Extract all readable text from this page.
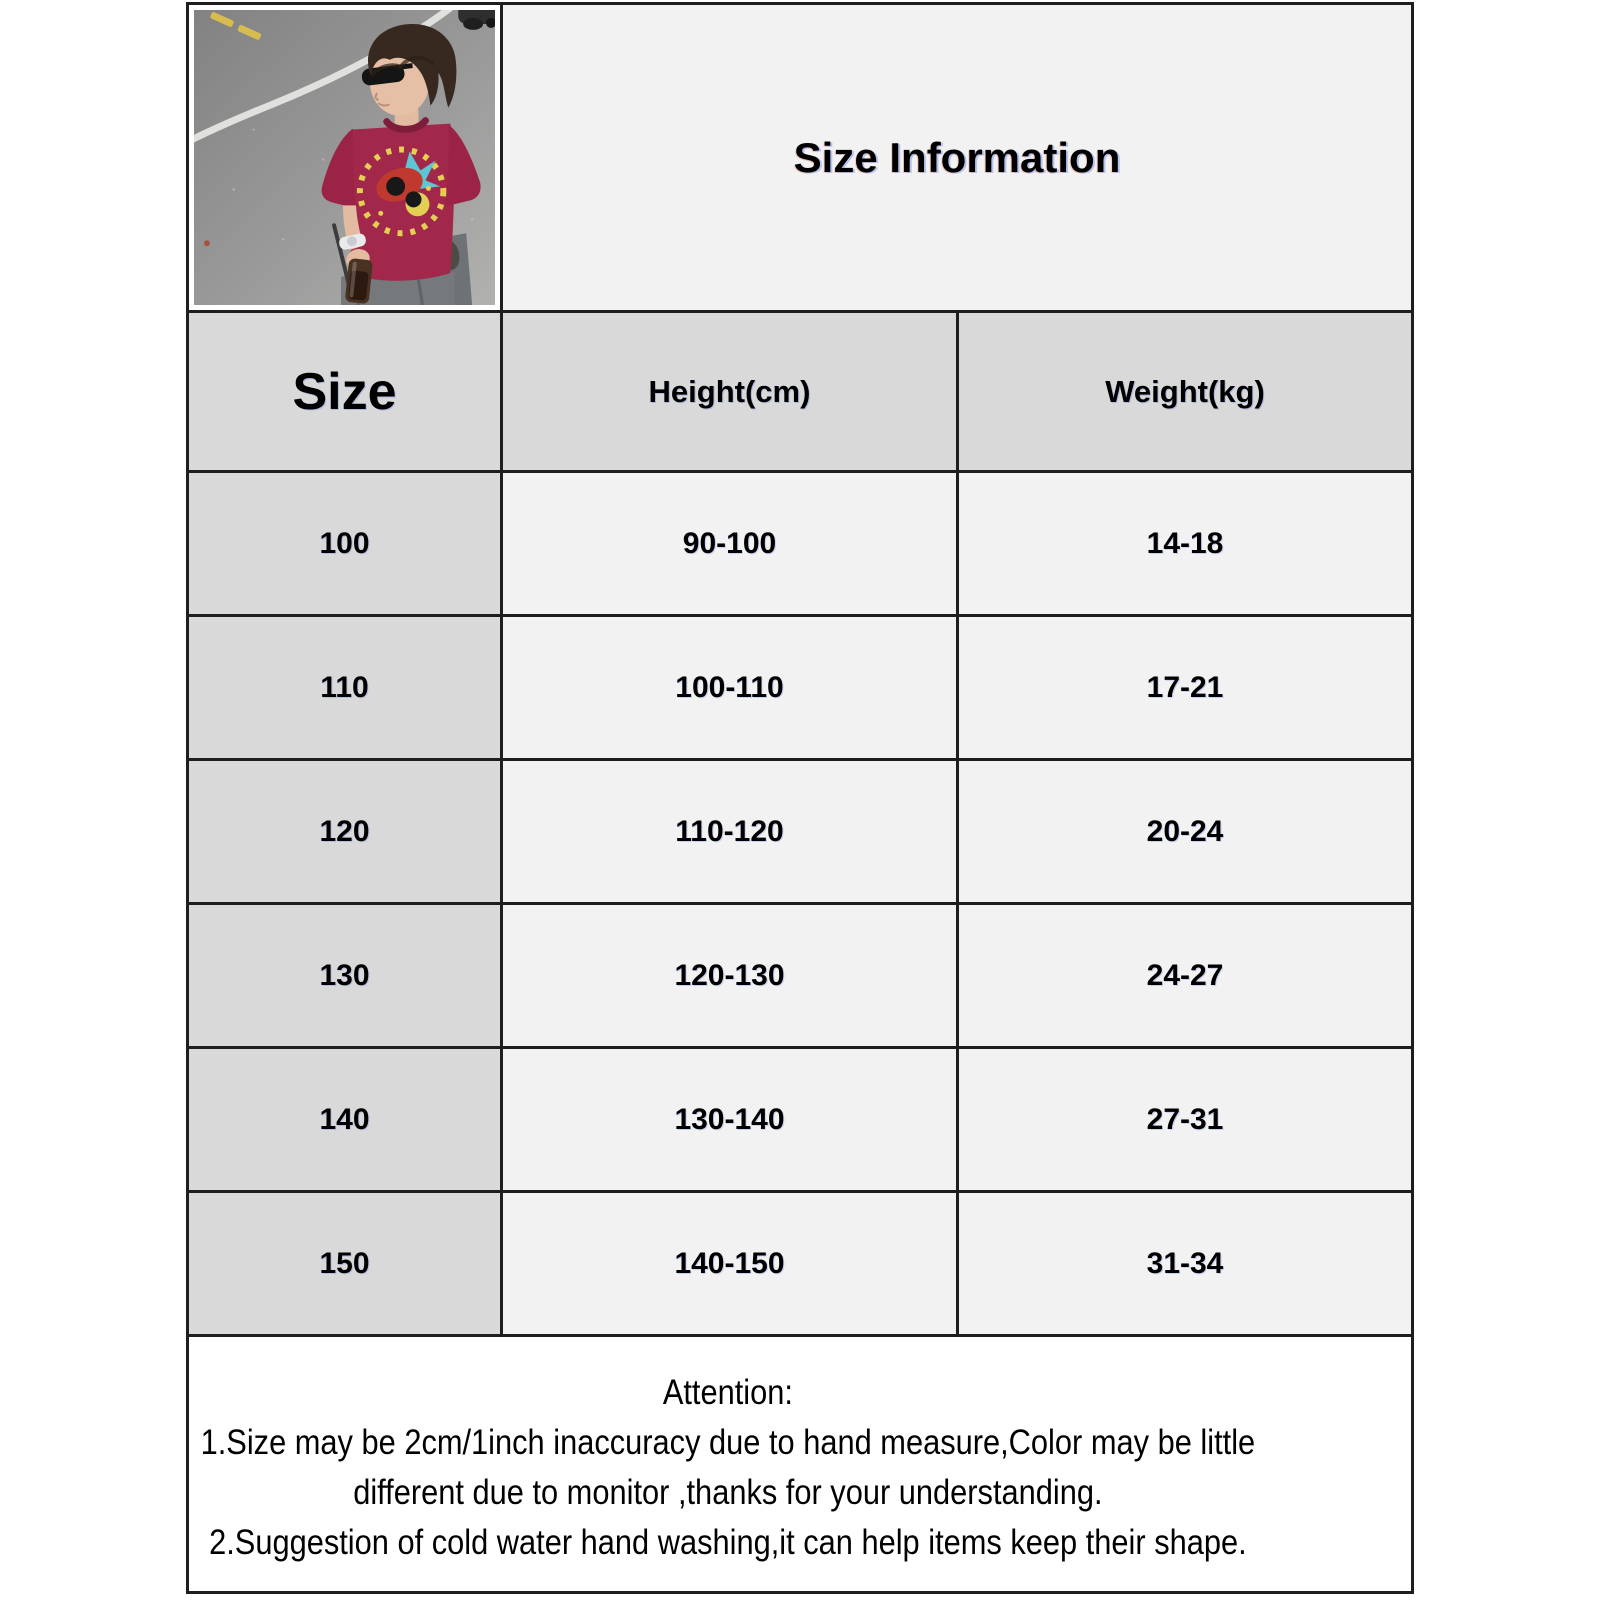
	Size Information	
Size	Height(cm)	Weight(kg)
100	90-100	14-18
110	100-110	17-21
120	110-120	20-24
130	120-130	24-27
140	130-140	27-31
150	140-150	31-34

Attention:
1.Size may be 2cm/1inch inaccuracy due to hand measure,Color may be little
different due to monitor ,thanks for your understanding.
2.Suggestion of cold water hand washing,it can help items keep their shape.		
